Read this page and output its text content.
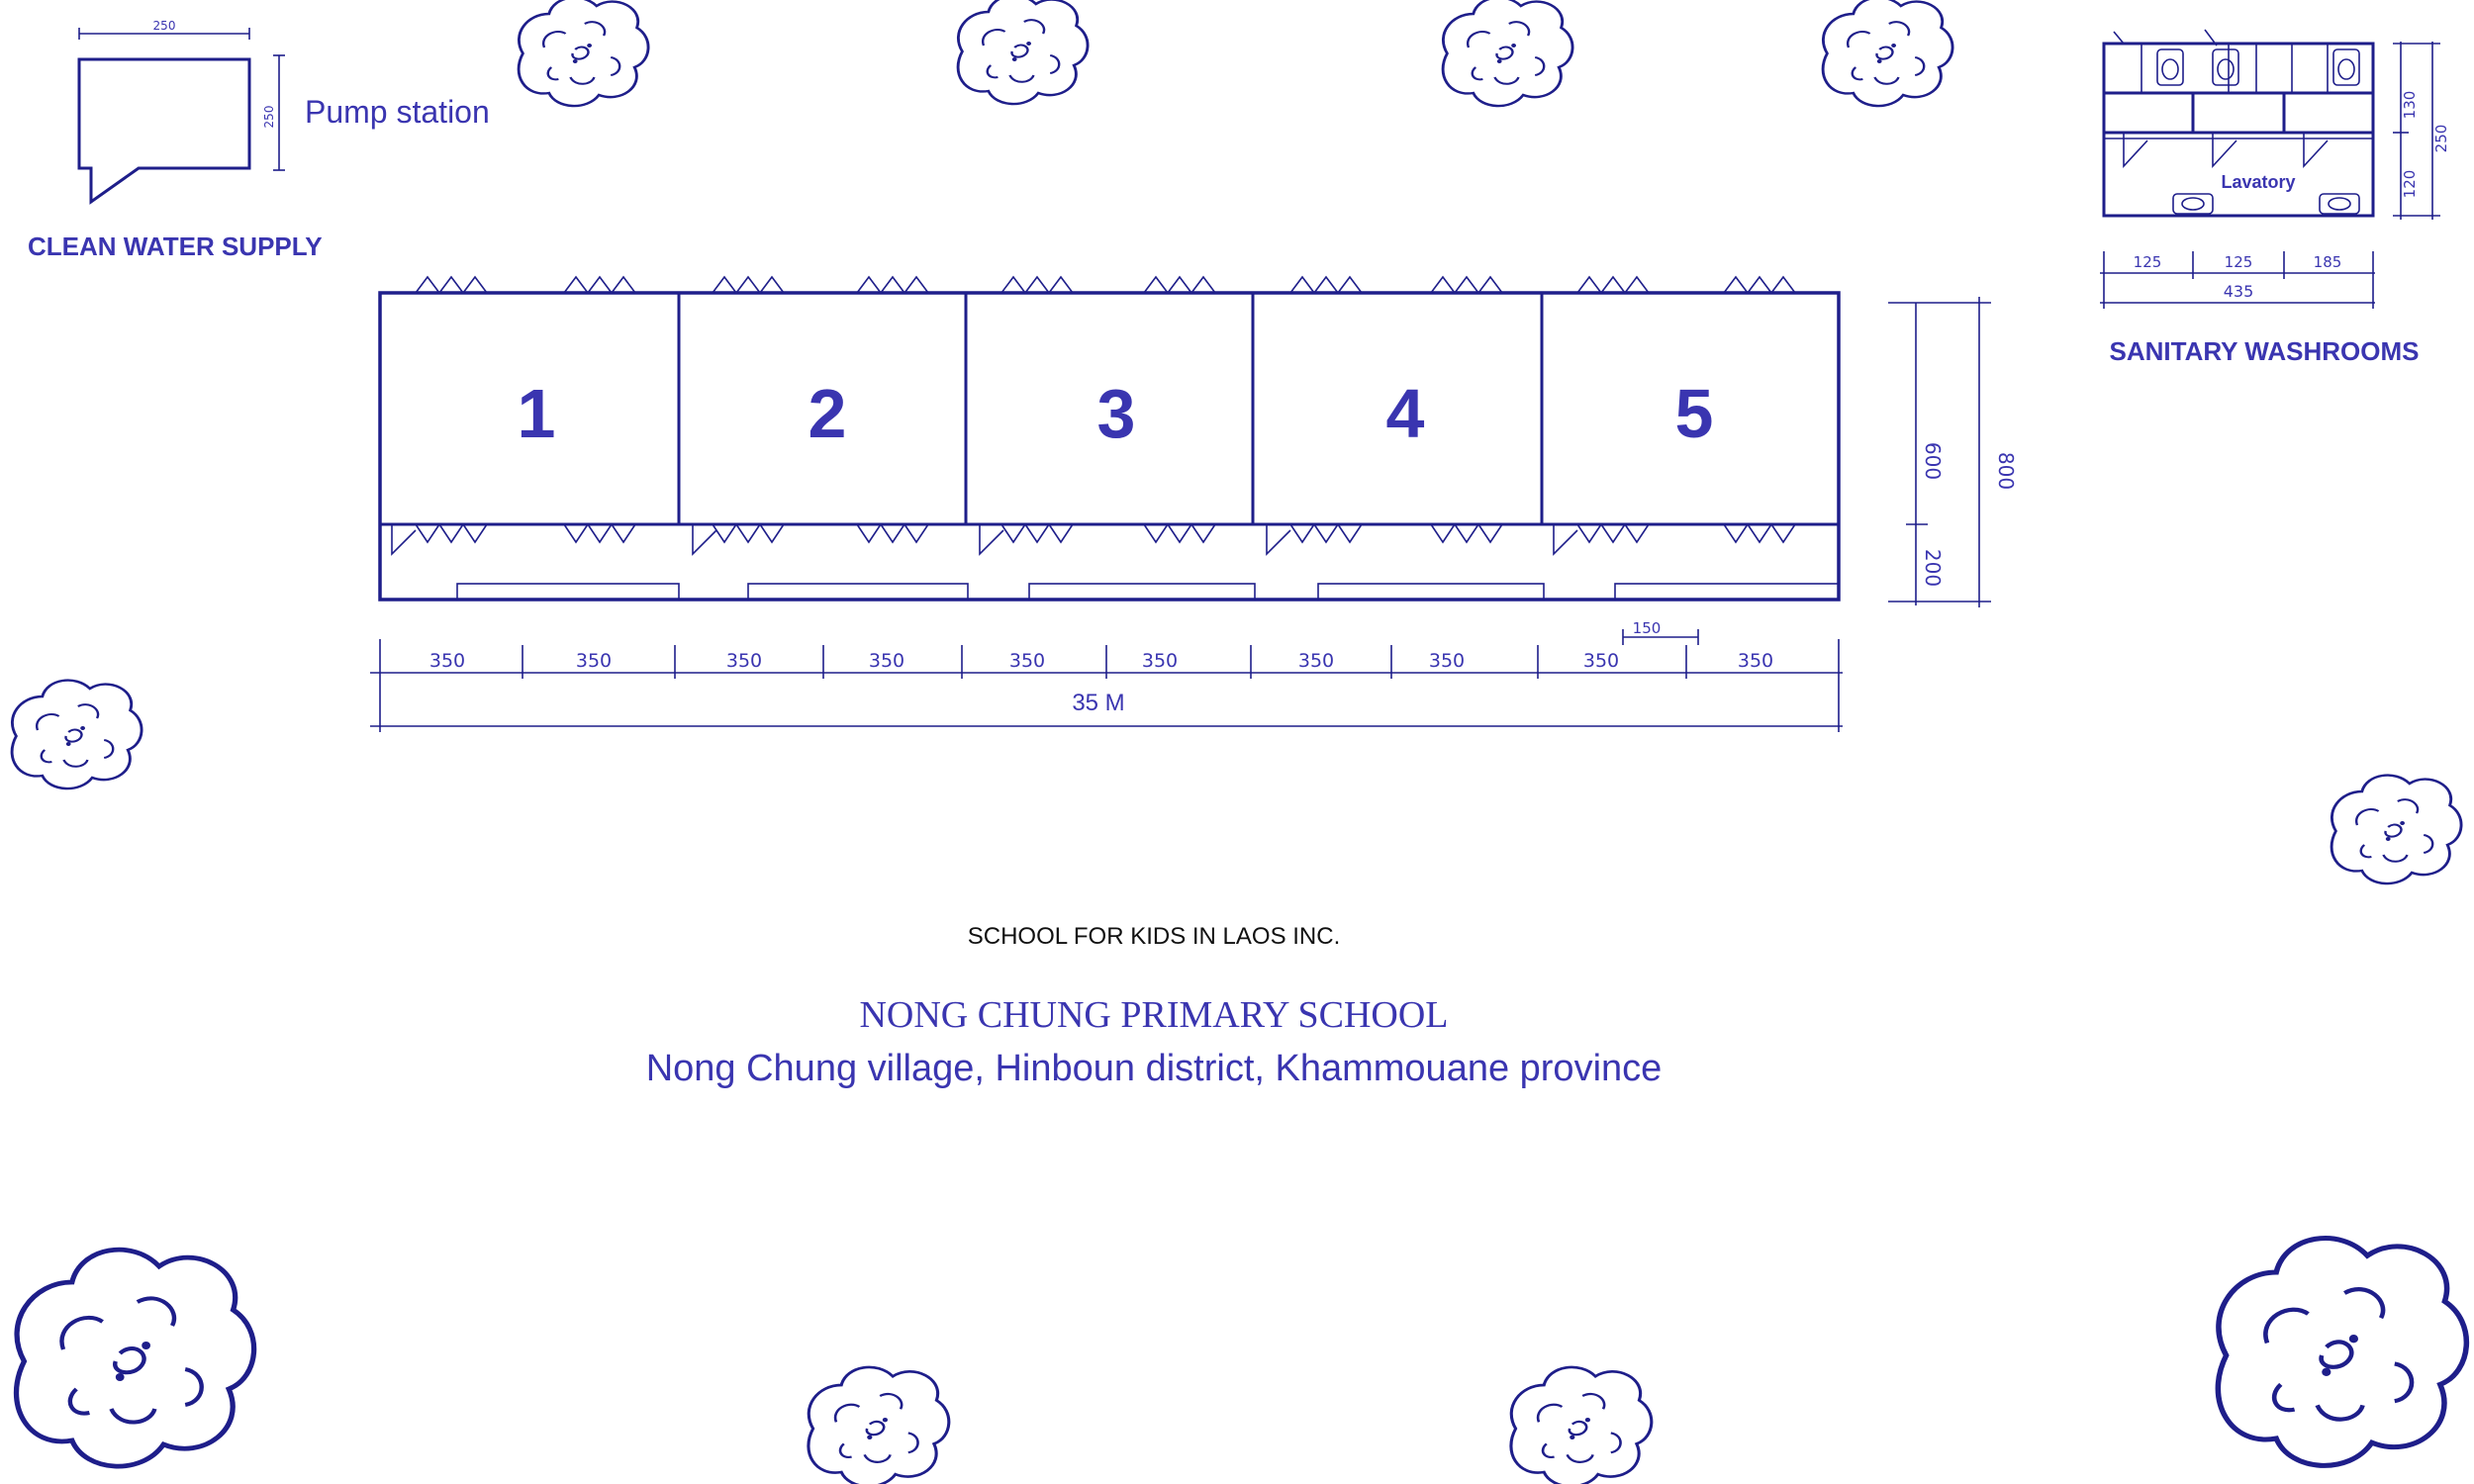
250
250 Pump station
CLEAN WATER SUPPLY
Lavatory
125	125	185
435
130
120
250
SANITARY WASHROOMS
1	2	3	4	5
350	350	350	350	350	350	350	350	350	350
35 M
150
600
200
800
SCHOOL FOR KIDS IN LAOS INC.
NONG CHUNG PRIMARY SCHOOL
Nong Chung village, Hinboun district, Khammouane province
